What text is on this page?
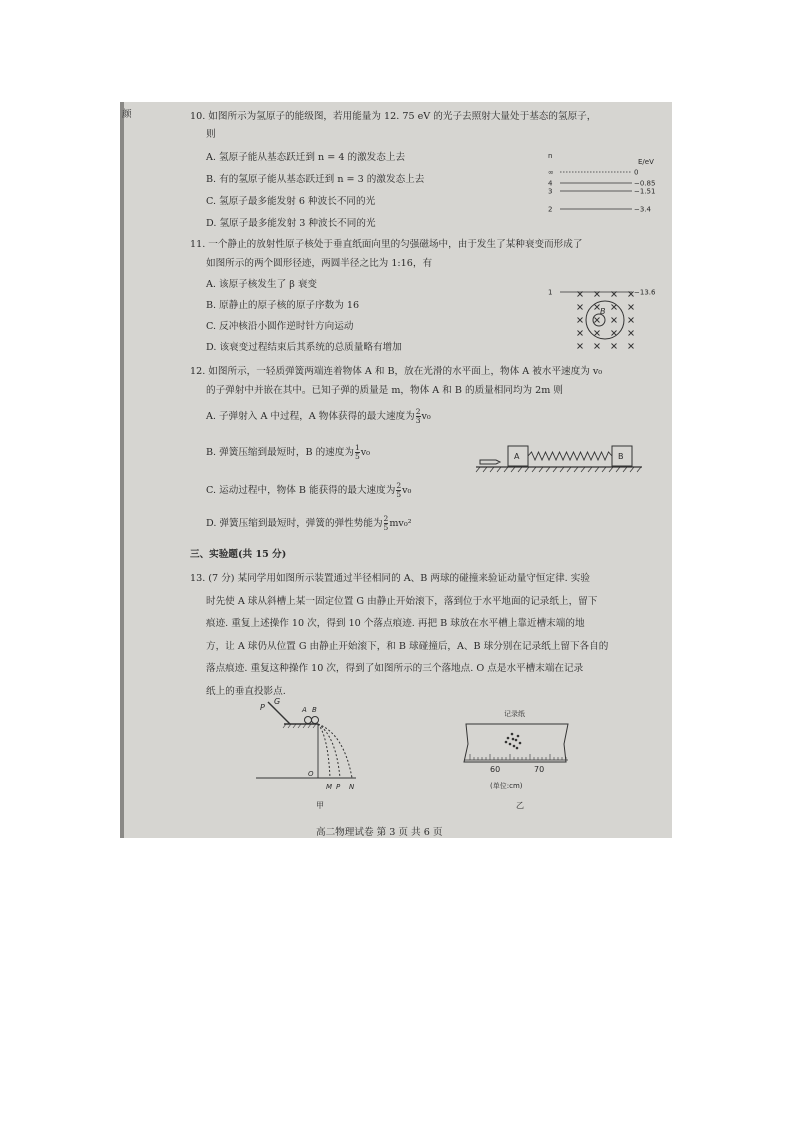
颜	10. 如图所示为氢原子的能级图，若用能量为 12. 75 eV 的光子去照射大量处于基态的氢原子，
则
A. 氢原子能从基态跃迁到 n = 4 的激发态上去
B. 有的氢原子能从基态跃迁到 n = 3 的激发态上去
C. 氢原子最多能发射 6 种波长不同的光
D. 氢原子最多能发射 3 种波长不同的光
n
E/eV
∞	0
4	−0.85
3	−1.51
2	−3.4
1	−13.6
11. 一个静止的放射性原子核处于垂直纸面向里的匀强磁场中，由于发生了某种衰变而形成了
如图所示的两个圆形径迹，两圆半径之比为 1:16，有
A. 该原子核发生了 β 衰变
B. 原静止的原子核的原子序数为 16
C. 反冲核沿小圆作逆时针方向运动
D. 该衰变过程结束后其系统的总质量略有增加
B
12. 如图所示，一轻质弹簧两端连着物体 A 和 B，放在光滑的水平面上，物体 A 被水平速度为 v₀
的子弹射中并嵌在其中。已知子弹的质量是 m，物体 A 和 B 的质量相同均为 2m 则
A. 子弹射入 A 中过程，A 物体获得的最大速度为 $\frac{2}{3} v_0$
B. 弹簧压缩到最短时，B 的速度为 $\frac{1}{5} v_0$
C. 运动过程中，物体 B 能获得的最大速度为 $\frac{2}{5} v_0$
D. 弹簧压缩到最短时，弹簧的弹性势能为 $\frac{2}{5} mv_0^2$
A	B
三、实验题(共 15 分)
P
G
A B
O
M P N
甲
记录纸
60	70
(单位:cm)
乙
高二物理试卷 第 3 页 共 6 页
13. (7 分) 某同学用如图所示装置通过半径相同的 A、B 两球的碰撞来验证动量守恒定律. 实验
时先使 A 球从斜槽上某一固定位置 G 由静止开始滚下，落到位于水平地面的记录纸上，留下
痕迹. 重复上述操作 10 次，得到 10 个落点痕迹. 再把 B 球放在水平槽上靠近槽末端的地
方，让 A 球仍从位置 G 由静止开始滚下，和 B 球碰撞后，A、B 球分别在记录纸上留下各自的
落点痕迹. 重复这种操作 10 次，得到了如图所示的三个落地点. O 点是水平槽末端在记录
纸上的垂直投影点.
